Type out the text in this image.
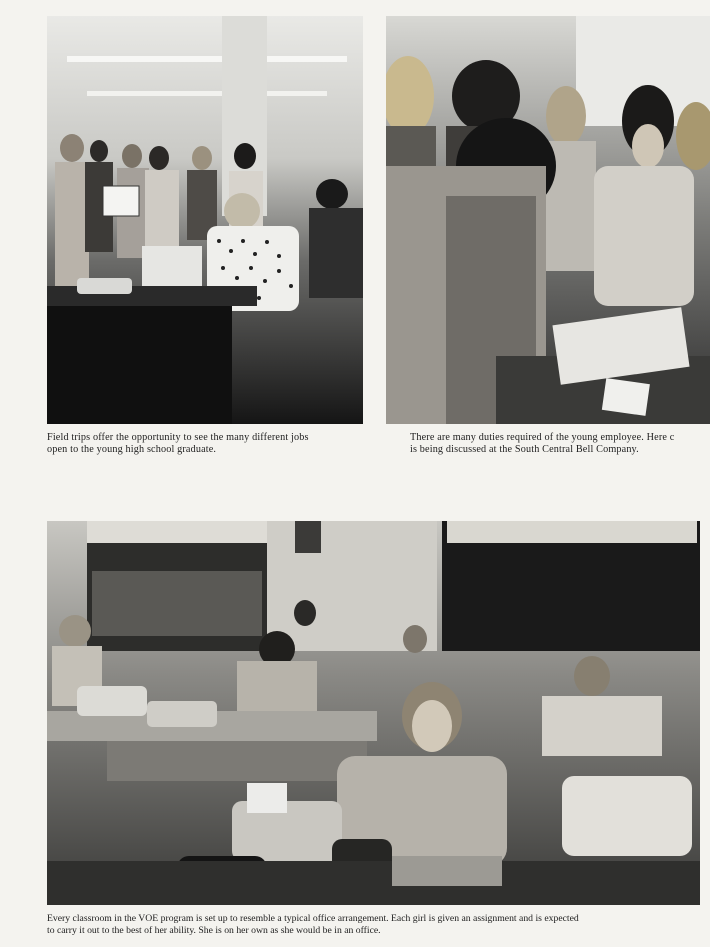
Field trips offer the opportunity to see the many different jobs
open to the young high school graduate.
There are many duties required of the young employee. Here c
is being discussed at the South Central Bell Company.
Every classroom in the VOE program is set up to resemble a typical office arrangement. Each girl is given an assignment and is expected
to carry it out to the best of her ability. She is on her own as she would be in an office.
